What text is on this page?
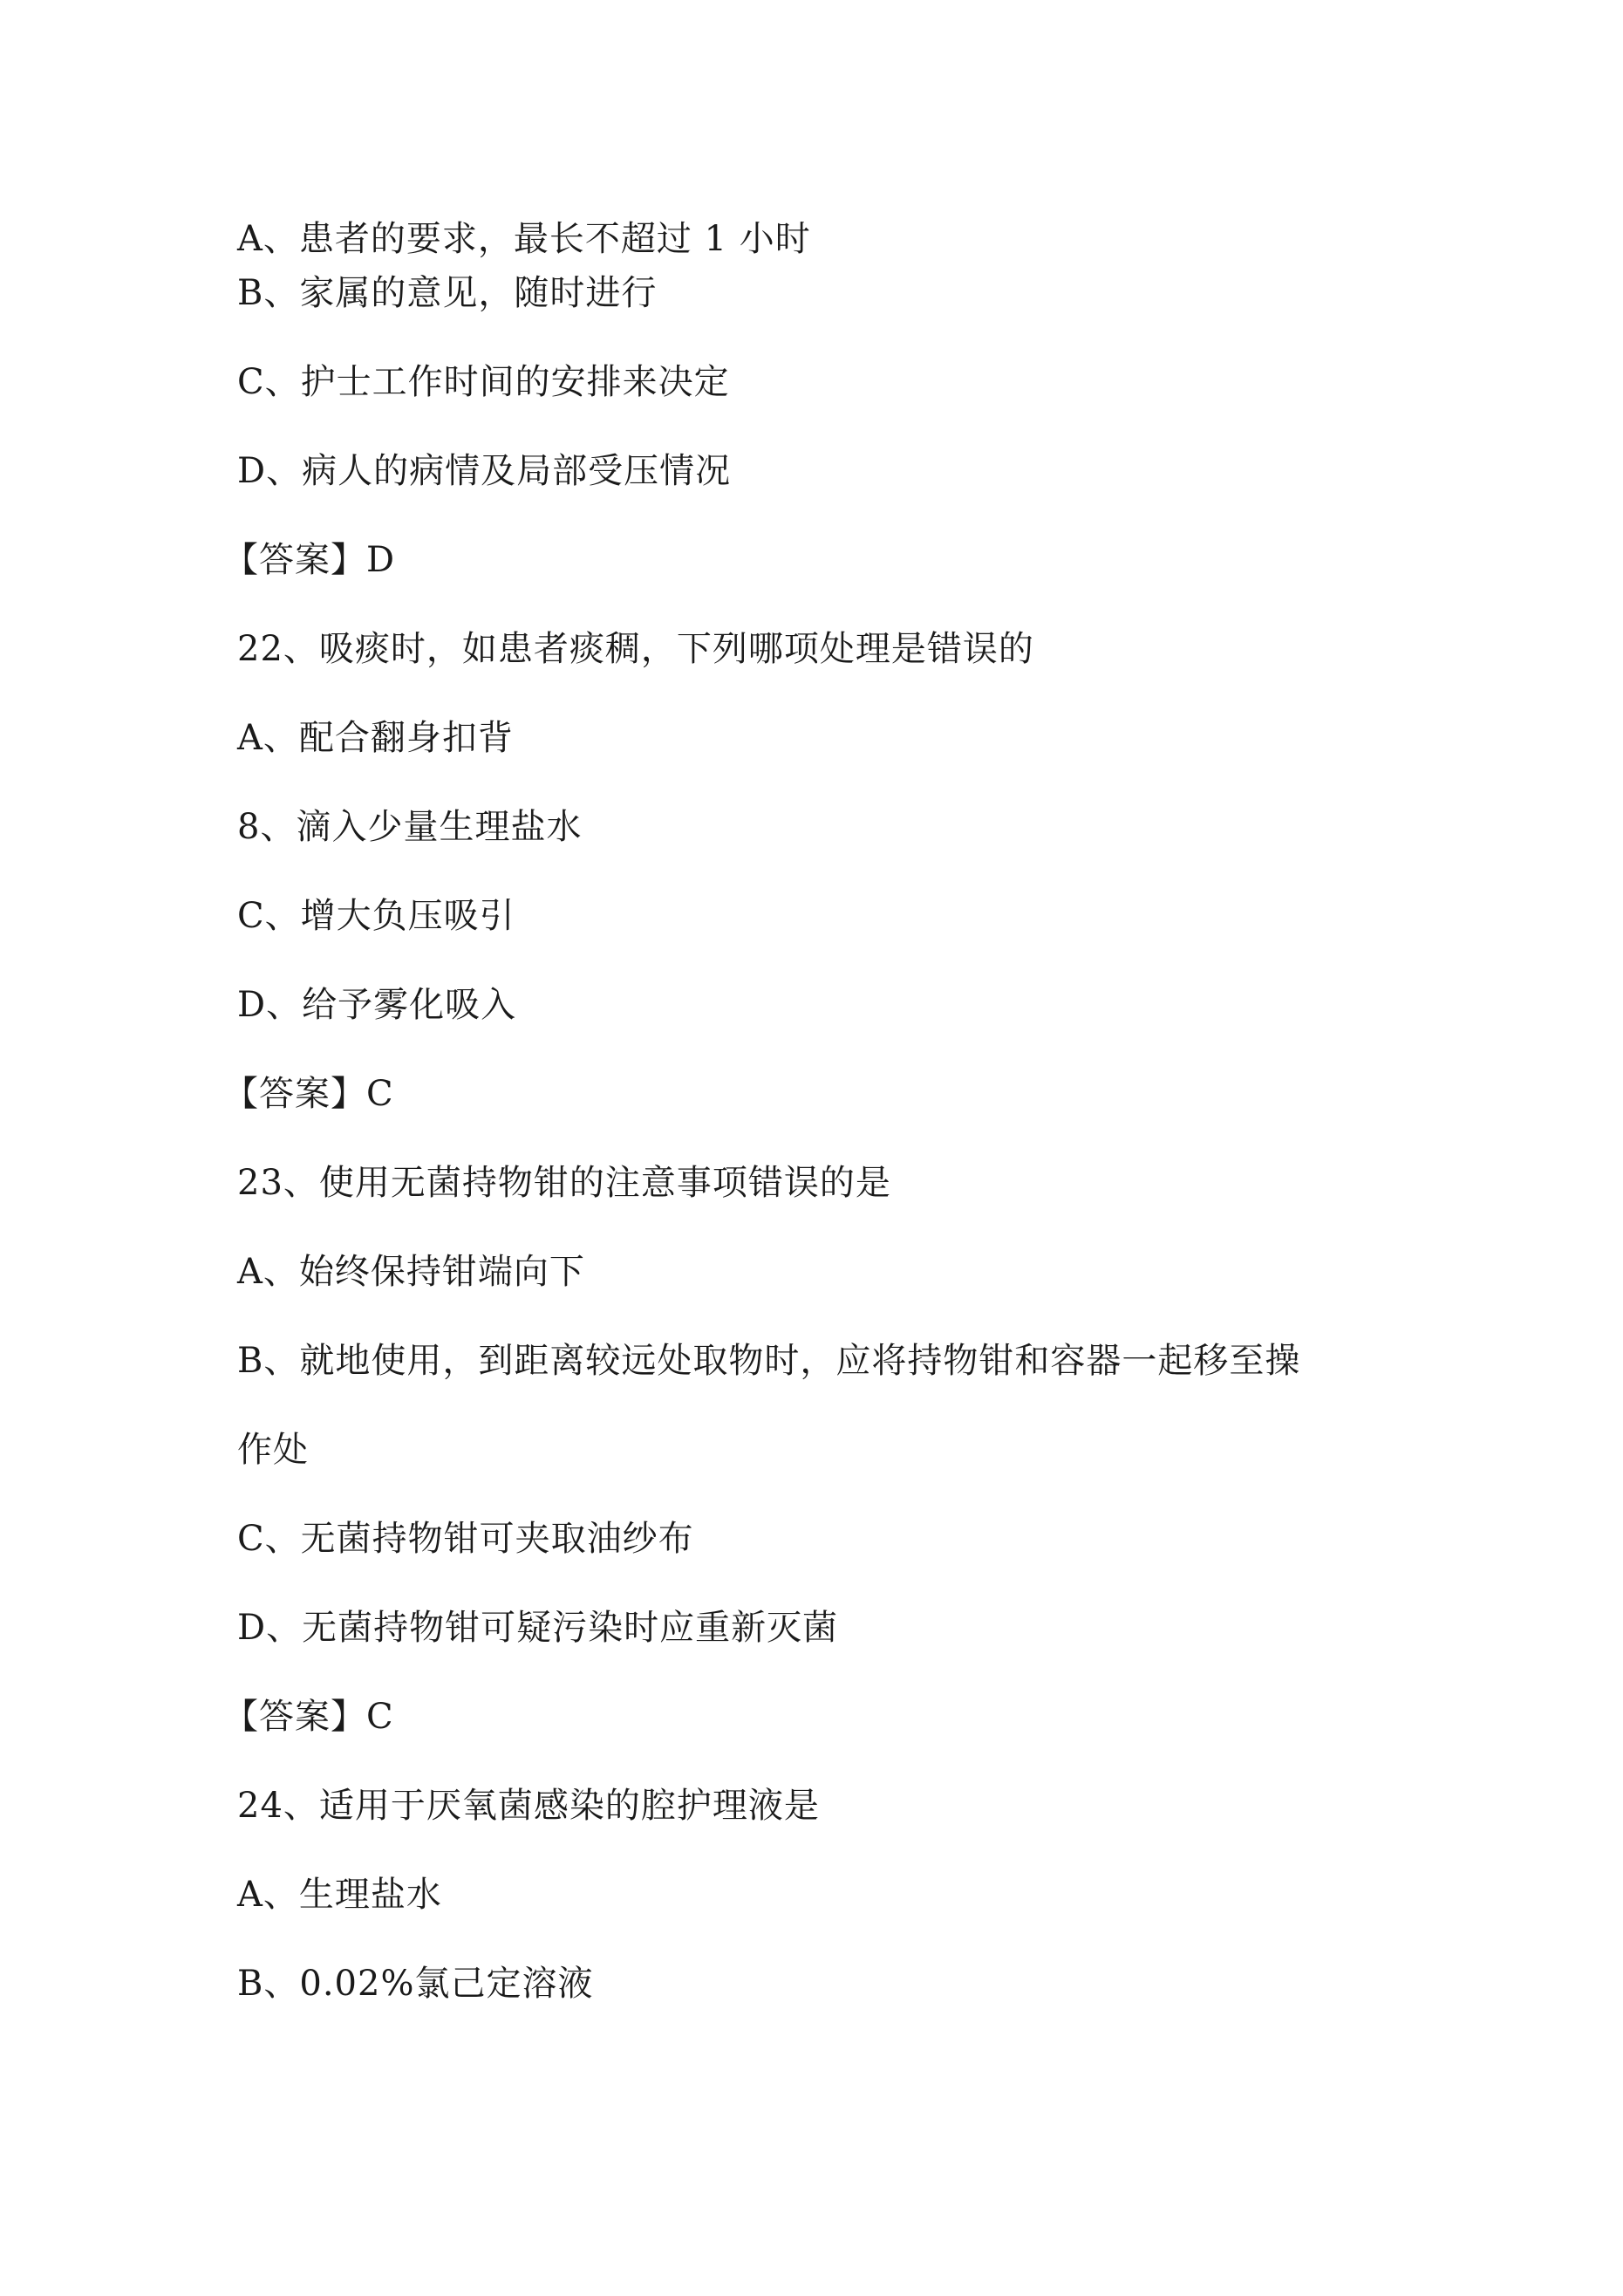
A、患者的要求，最长不超过 1 小时
B、家属的意见，随时进行
C、护士工作时间的安排来决定
D、病人的病情及局部受压情况
【答案】D
22、吸痰时，如患者痰稠，下列哪项处理是错误的
A、配合翻身扣背
8、滴入少量生理盐水
C、增大负压吸引
D、给予雾化吸入
【答案】C
23、使用无菌持物钳的注意事项错误的是
A、始终保持钳端向下
B、就地使用，到距离较远处取物时，应将持物钳和容器一起移至操
作处
C、无菌持物钳可夹取油纱布
D、无菌持物钳可疑污染时应重新灭菌
【答案】C
24、适用于厌氧菌感染的腔护理液是
A、生理盐水
B、0.02%氯己定溶液
